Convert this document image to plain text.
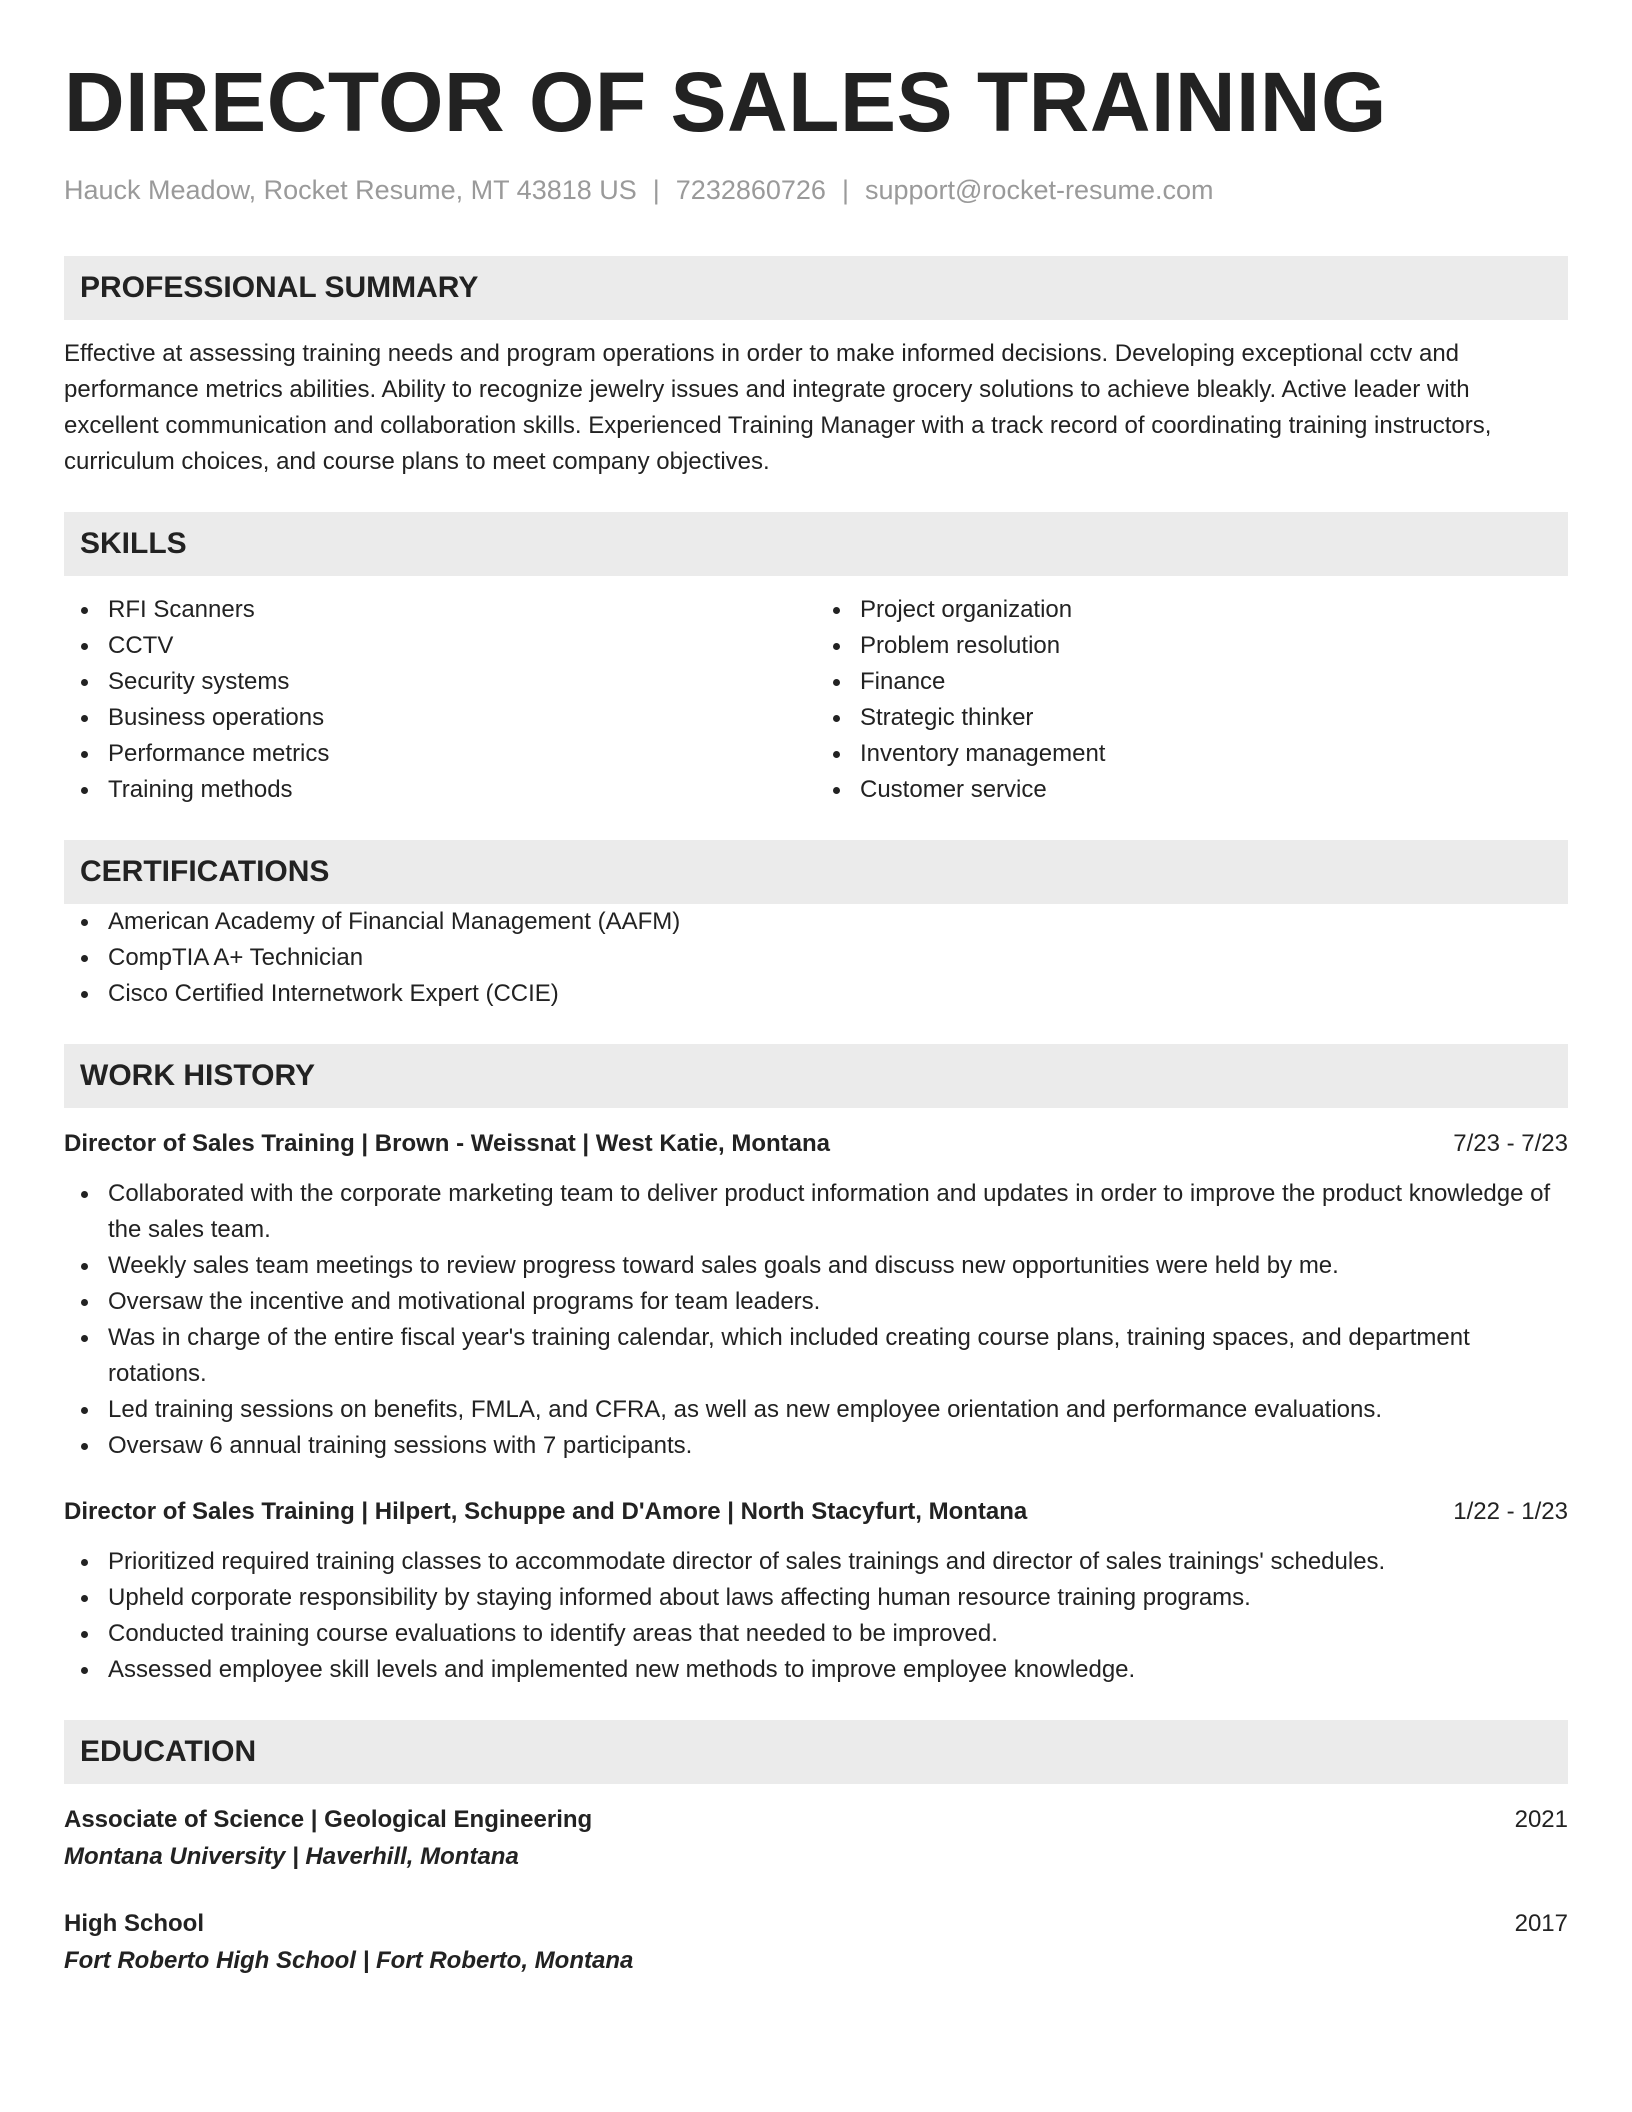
DIRECTOR OF SALES TRAINING
Hauck Meadow, Rocket Resume, MT 43818 US | 7232860726 | support@rocket-resume.com
PROFESSIONAL SUMMARY
Effective at assessing training needs and program operations in order to make informed decisions. Developing exceptional cctv and performance metrics abilities. Ability to recognize jewelry issues and integrate grocery solutions to achieve bleakly. Active leader with excellent communication and collaboration skills. Experienced Training Manager with a track record of coordinating training instructors, curriculum choices, and course plans to meet company objectives.
SKILLS
RFI Scanners
CCTV
Security systems
Business operations
Performance metrics
Training methods
Project organization
Problem resolution
Finance
Strategic thinker
Inventory management
Customer service
CERTIFICATIONS
American Academy of Financial Management (AAFM)
CompTIA A+ Technician
Cisco Certified Internetwork Expert (CCIE)
WORK HISTORY
Director of Sales Training | Brown - Weissnat | West Katie, Montana	7/23 - 7/23
Collaborated with the corporate marketing team to deliver product information and updates in order to improve the product knowledge of the sales team.
Weekly sales team meetings to review progress toward sales goals and discuss new opportunities were held by me.
Oversaw the incentive and motivational programs for team leaders.
Was in charge of the entire fiscal year's training calendar, which included creating course plans, training spaces, and department rotations.
Led training sessions on benefits, FMLA, and CFRA, as well as new employee orientation and performance evaluations.
Oversaw 6 annual training sessions with 7 participants.
Director of Sales Training | Hilpert, Schuppe and D'Amore | North Stacyfurt, Montana	1/22 - 1/23
Prioritized required training classes to accommodate director of sales trainings and director of sales trainings' schedules.
Upheld corporate responsibility by staying informed about laws affecting human resource training programs.
Conducted training course evaluations to identify areas that needed to be improved.
Assessed employee skill levels and implemented new methods to improve employee knowledge.
EDUCATION
Associate of Science | Geological Engineering	2021
Montana University | Haverhill, Montana
High School	2017
Fort Roberto High School | Fort Roberto, Montana
